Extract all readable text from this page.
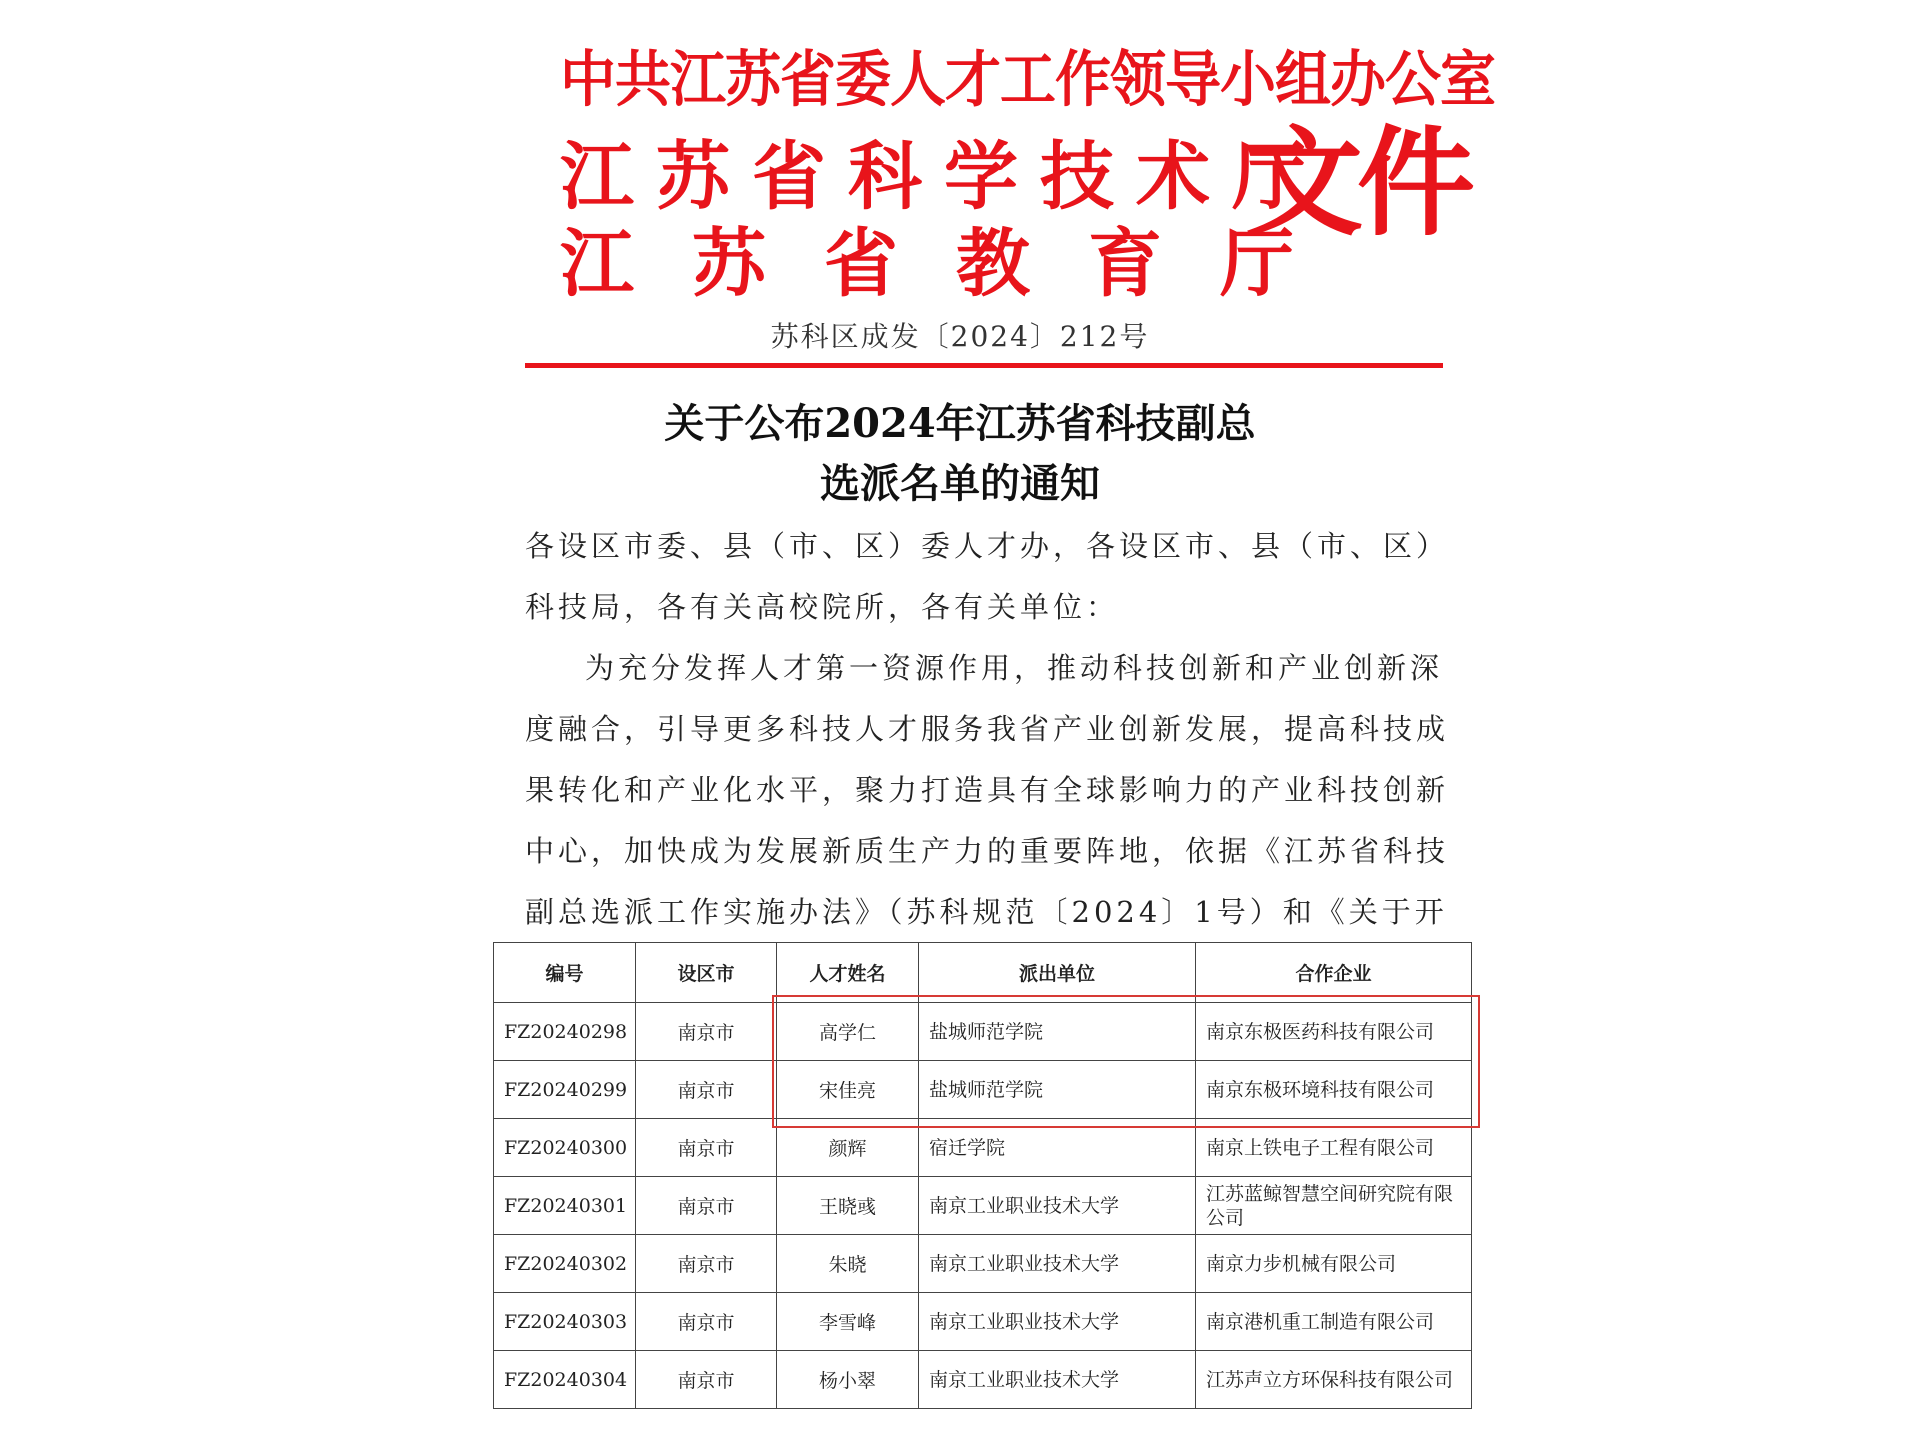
中共江苏省委人才工作领导小组办公室
江苏省科学技术厅
江苏省教育厅
文件
苏科区成发〔2024〕212号
关于公布2024年江苏省科技副总
选派名单的通知
各设区市委、县（市、区）委人才办，各设区市、县（市、区）
科技局，各有关高校院所，各有关单位：
为充分发挥人才第一资源作用，推动科技创新和产业创新深
度融合，引导更多科技人才服务我省产业创新发展，提高科技成
果转化和产业化水平，聚力打造具有全球影响力的产业科技创新
中心，加快成为发展新质生产力的重要阵地，依据《江苏省科技
副总选派工作实施办法》（苏科规范〔2024〕1号）和《关于开
编号	设区市	人才姓名	派出单位	合作企业
FZ20240298	南京市	高学仁	盐城师范学院	南京东极医药科技有限公司
FZ20240299	南京市	宋佳亮	盐城师范学院	南京东极环境科技有限公司
FZ20240300	南京市	颜辉	宿迁学院	南京上铁电子工程有限公司
FZ20240301	南京市	王晓彧	南京工业职业技术大学	江苏蓝鲸智慧空间研究院有限公司
FZ20240302	南京市	朱晓	南京工业职业技术大学	南京力步机械有限公司
FZ20240303	南京市	李雪峰	南京工业职业技术大学	南京港机重工制造有限公司
FZ20240304	南京市	杨小翠	南京工业职业技术大学	江苏声立方环保科技有限公司
